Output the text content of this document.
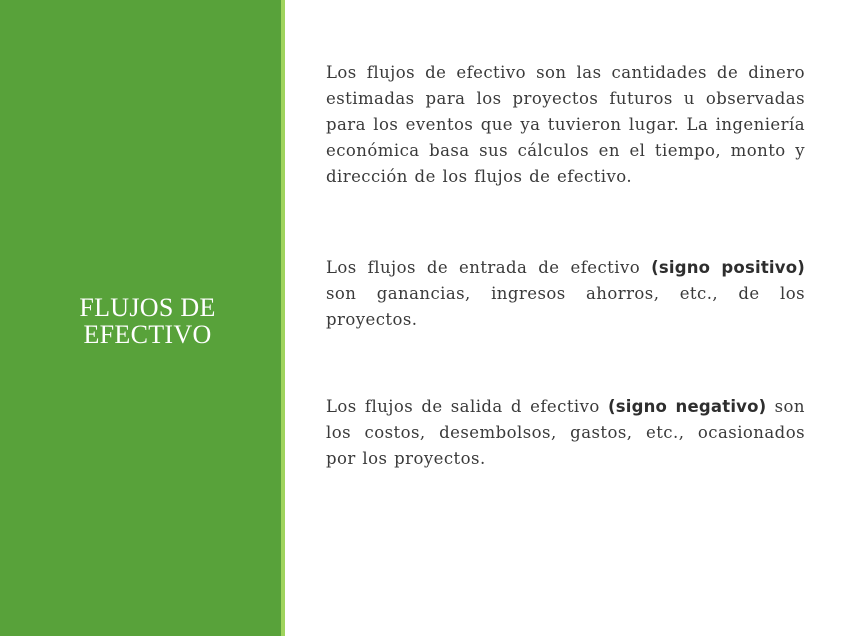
FLUJOS DE
EFECTIVO

Los flujos de efectivo son las cantidades de dinero estimadas para los proyectos futuros u observadas para los eventos que ya tuvieron lugar. La ingeniería económica basa sus cálculos en el tiempo, monto y dirección de los flujos de efectivo.

Los flujos de entrada de efectivo (signo positivo) son ganancias, ingresos ahorros, etc., de los proyectos.

Los flujos de salida d efectivo (signo negativo) son los costos, desembolsos, gastos, etc., ocasionados por los proyectos.
